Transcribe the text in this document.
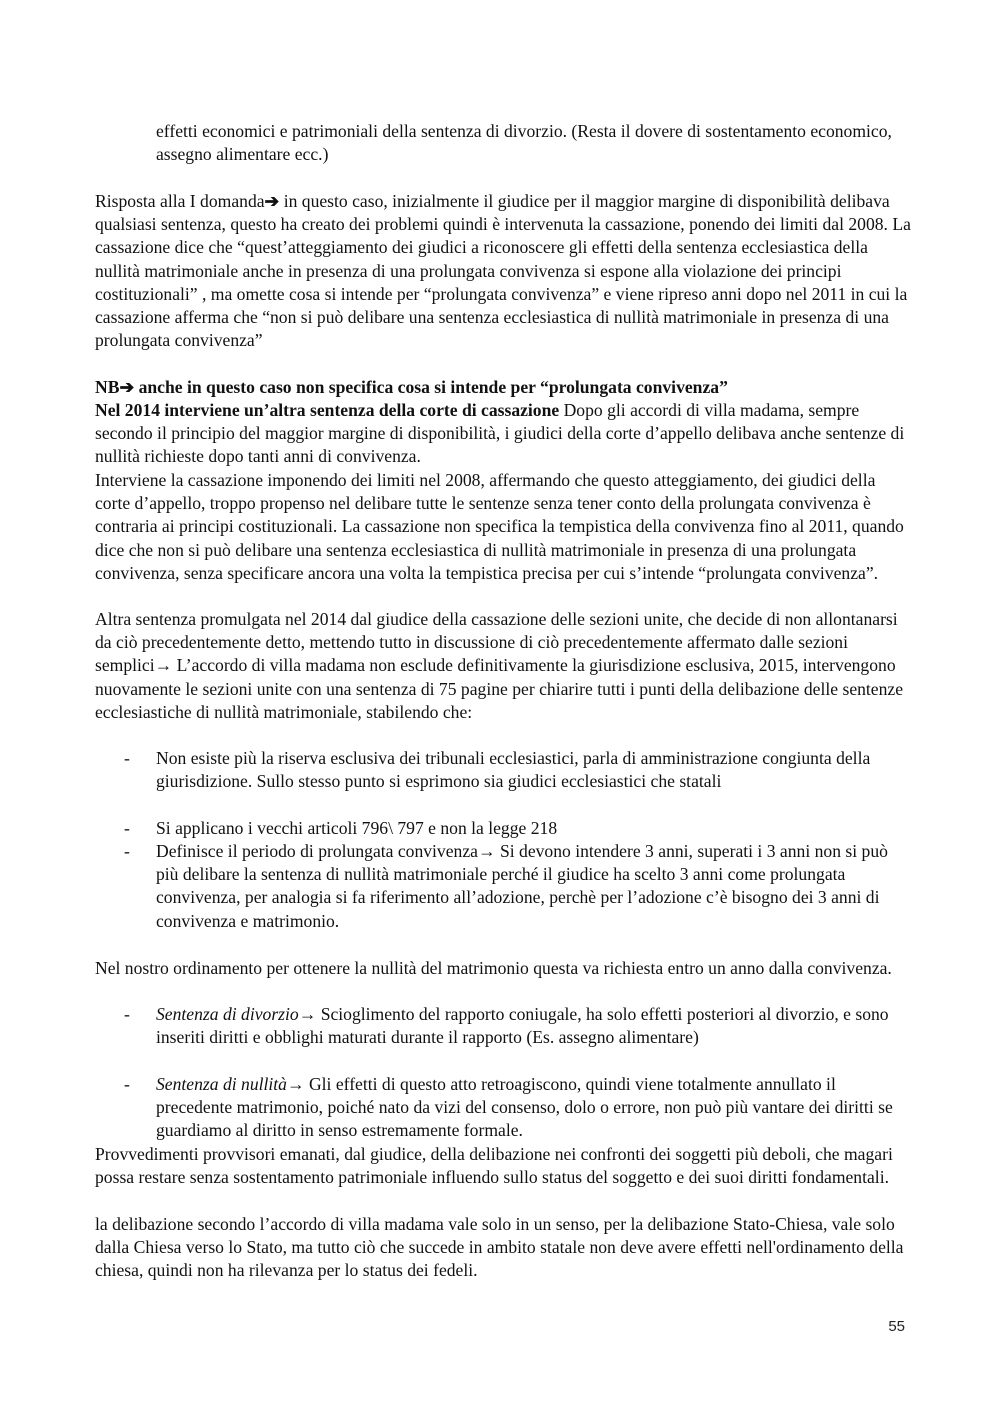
effetti economici e patrimoniali della sentenza di divorzio. (Resta il dovere di sostentamento economico, assegno alimentare ecc.)

Risposta alla I domanda➔ in questo caso, inizialmente il giudice per il maggior margine di disponibilità delibava qualsiasi sentenza, questo ha creato dei problemi quindi è intervenuta la cassazione, ponendo dei limiti dal 2008. La cassazione dice che “quest’atteggiamento dei giudici a riconoscere gli effetti della sentenza ecclesiastica della nullità matrimoniale anche in presenza di una prolungata convivenza si espone alla violazione dei principi costituzionali” , ma omette cosa si intende per “prolungata convivenza” e viene ripreso anni dopo nel 2011 in cui la cassazione afferma che “non si può delibare una sentenza ecclesiastica di nullità matrimoniale in presenza di una prolungata convivenza”

NB➔ anche in questo caso non specifica cosa si intende per “prolungata convivenza”

Nel 2014 interviene un’altra sentenza della corte di cassazione Dopo gli accordi di villa madama, sempre secondo il principio del maggior margine di disponibilità, i giudici della corte d’appello delibava anche sentenze di nullità richieste dopo tanti anni di convivenza.

Interviene la cassazione imponendo dei limiti nel 2008, affermando che questo atteggiamento, dei giudici della corte d’appello, troppo propenso nel delibare tutte le sentenze senza tener conto della prolungata convivenza è contraria ai principi costituzionali. La cassazione non specifica la tempistica della convivenza fino al 2011, quando dice che non si può delibare una sentenza ecclesiastica di nullità matrimoniale in presenza di una prolungata convivenza, senza specificare ancora una volta la tempistica precisa per cui s’intende “prolungata convivenza”.

Altra sentenza promulgata nel 2014 dal giudice della cassazione delle sezioni unite, che decide di non allontanarsi da ciò precedentemente detto, mettendo tutto in discussione di ciò precedentemente affermato dalle sezioni semplici→ L’accordo di villa madama non esclude definitivamente la giurisdizione esclusiva, 2015, intervengono nuovamente le sezioni unite con una sentenza di 75 pagine per chiarire tutti i punti della delibazione delle sentenze ecclesiastiche di nullità matrimoniale, stabilendo che:

- Non esiste più la riserva esclusiva dei tribunali ecclesiastici, parla di amministrazione congiunta della giurisdizione. Sullo stesso punto si esprimono sia giudici ecclesiastici che statali

- Si applicano i vecchi articoli 796\ 797 e non la legge 218

- Definisce il periodo di prolungata convivenza→ Si devono intendere 3 anni, superati i 3 anni non si può più delibare la sentenza di nullità matrimoniale perché il giudice ha scelto 3 anni come prolungata convivenza, per analogia si fa riferimento all’adozione, perchè per l’adozione c’è bisogno dei 3 anni di convivenza e matrimonio.

Nel nostro ordinamento per ottenere la nullità del matrimonio questa va richiesta entro un anno dalla convivenza.

- Sentenza di divorzio→ Scioglimento del rapporto coniugale, ha solo effetti posteriori al divorzio, e sono inseriti diritti e obblighi maturati durante il rapporto (Es. assegno alimentare)

- Sentenza di nullità→ Gli effetti di questo atto retroagiscono, quindi viene totalmente annullato il precedente matrimonio, poiché nato da vizi del consenso, dolo o errore, non può più vantare dei diritti se guardiamo al diritto in senso estremamente formale.

Provvedimenti provvisori emanati, dal giudice, della delibazione nei confronti dei soggetti più deboli, che magari possa restare senza sostentamento patrimoniale influendo sullo status del soggetto e dei suoi diritti fondamentali.

la delibazione secondo l’accordo di villa madama vale solo in un senso, per la delibazione Stato-Chiesa, vale solo dalla Chiesa verso lo Stato, ma tutto ciò che succede in ambito statale non deve avere effetti nell'ordinamento della chiesa, quindi non ha rilevanza per lo status dei fedeli.

55
